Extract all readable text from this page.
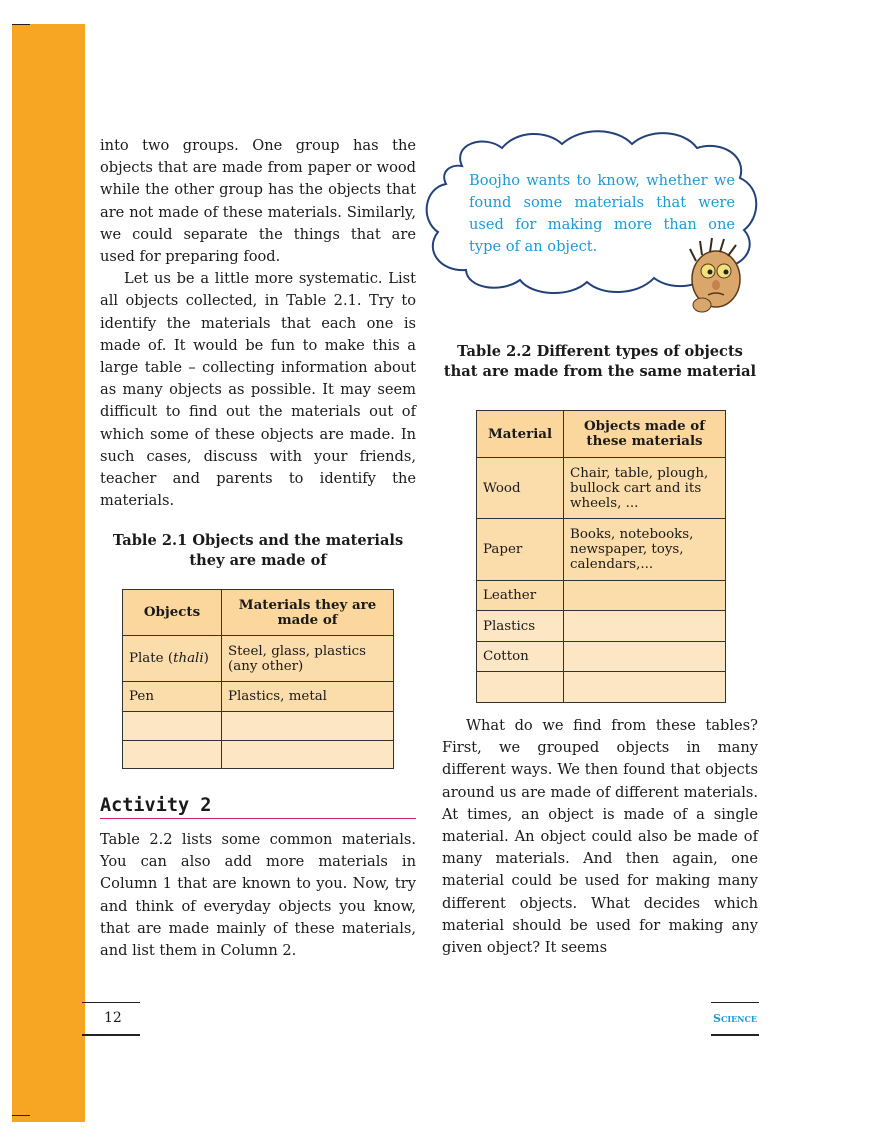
into two groups. One group has the objects that are made from paper or wood while the other group has the objects that are not made of these materials. Similarly, we could separate the things that are used for preparing food.

Let us be a little more systematic. List all objects collected, in Table 2.1. Try to identify the materials that each one is made of. It would be fun to make this a large table – collecting information about as many objects as possible. It may seem difficult to find out the materials out of which some of these objects are made. In such cases, discuss with your friends, teacher and parents to identify the materials.

Table 2.1 Objects and the materials they are made of
Objects	Materials they are made of
Plate (thali)	Steel, glass, plastics (any other)
Pen	Plastics, metal

Activity 2

Table 2.2 lists some common materials. You can also add more materials in Column 1 that are known to you. Now, try and think of everyday objects you know, that are made mainly of these materials, and list them in Column 2.

Boojho wants to know, whether we found some materials that were used for making more than one type of an object.
Table 2.2 Different types of objects that are made from the same material
Material	Objects made of these materials
Wood	Chair, table, plough, bullock cart and its wheels, ...
Paper	Books, notebooks, newspaper, toys, calendars,...
Leather	
Plastics	
Cotton	

What do we find from these tables? First, we grouped objects in many different ways. We then found that objects around us are made of different materials. At times, an object is made of a single material. An object could also be made of many materials. And then again, one material could be used for making many different objects. What decides which material should be used for making any given object? It seems

12	Science
